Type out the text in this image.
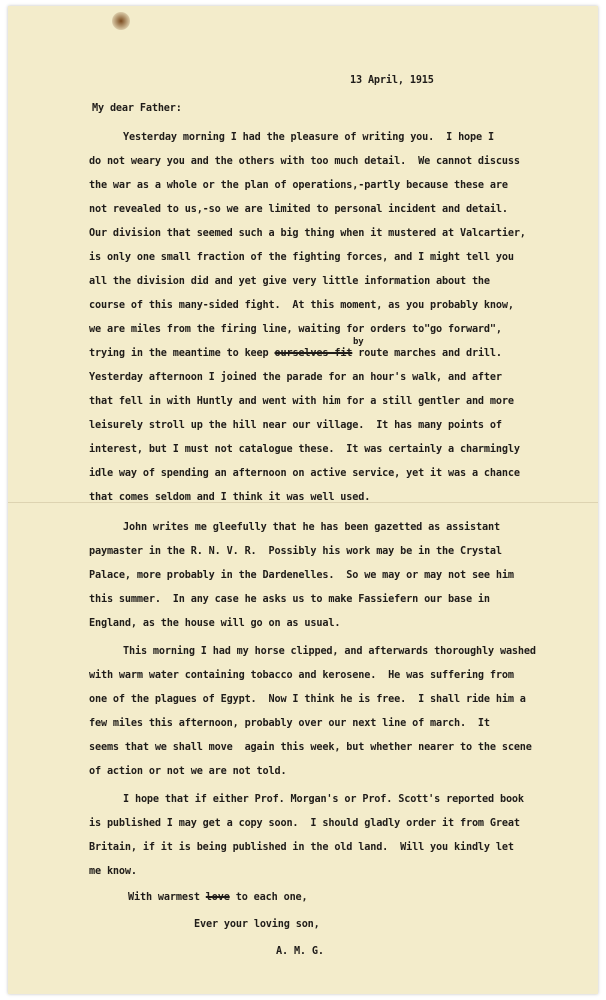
13 April, 1915
My dear Father:
Yesterday morning I had the pleasure of writing you.  I hope I
do not weary you and the others with too much detail.  We cannot discuss
the war as a whole or the plan of operations,-partly because these are
not revealed to us,-so we are limited to personal incident and detail.
Our division that seemed such a big thing when it mustered at Valcartier,
is only one small fraction of the fighting forces, and I might tell you
all the division did and yet give very little information about the
course of this many-sided fight.  At this moment, as you probably know,
we are miles from the firing line, waiting for orders to"go forward",
by
trying in the meantime to keep ourselves fit route marches and drill.
Yesterday afternoon I joined the parade for an hour's walk, and after
that fell in with Huntly and went with him for a still gentler and more
leisurely stroll up the hill near our village.  It has many points of
interest, but I must not catalogue these.  It was certainly a charmingly
idle way of spending an afternoon on active service, yet it was a chance
that comes seldom and I think it was well used.
John writes me gleefully that he has been gazetted as assistant
paymaster in the R. N. V. R.  Possibly his work may be in the Crystal
Palace, more probably in the Dardenelles.  So we may or may not see him
this summer.  In any case he asks us to make Fassiefern our base in
England, as the house will go on as usual.
This morning I had my horse clipped, and afterwards thoroughly washed
with warm water containing tobacco and kerosene.  He was suffering from
one of the plagues of Egypt.  Now I think he is free.  I shall ride him a
few miles this afternoon, probably over our next line of march.  It
seems that we shall move  again this week, but whether nearer to the scene
of action or not we are not told.
I hope that if either Prof. Morgan's or Prof. Scott's reported book
is published I may get a copy soon.  I should gladly order it from Great
Britain, if it is being published in the old land.  Will you kindly let
me know.
With warmest love to each one,
Ever your loving son,
A. M. G.
